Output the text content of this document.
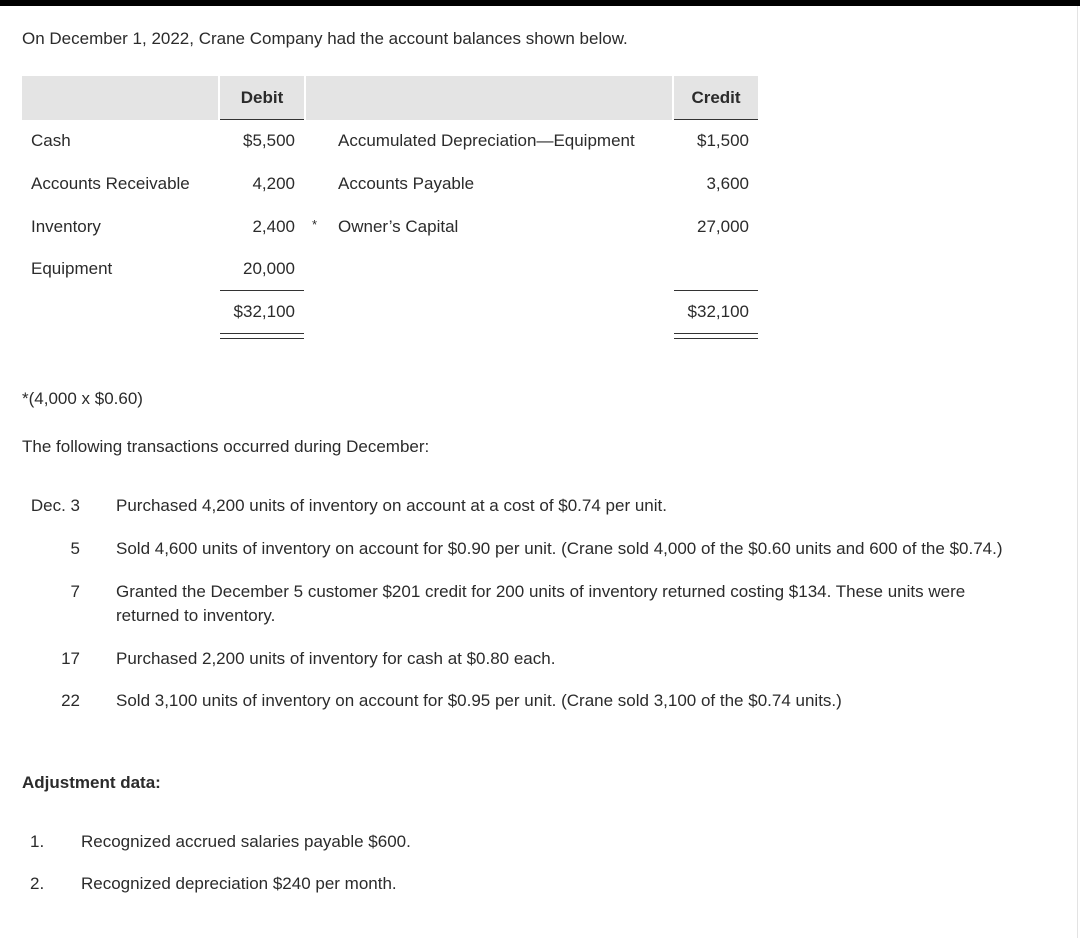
On December 1, 2022, Crane Company had the account balances shown below.
Debit	Credit
Cash	$5,500	Accumulated Depreciation—Equipment	$1,500
Accounts Receivable	4,200	Accounts Payable	3,600
Inventory	2,400 * Owner’s Capital	27,000
Equipment	20,000
$32,100	$32,100
*(4,000 x $0.60)
The following transactions occurred during December:
Dec. 3 Purchased 4,200 units of inventory on account at a cost of $0.74 per unit.
5 Sold 4,600 units of inventory on account for $0.90 per unit. (Crane sold 4,000 of the $0.60 units and 600 of the $0.74.)
7 Granted the December 5 customer $201 credit for 200 units of inventory returned costing $134. These units were returned to inventory.
17 Purchased 2,200 units of inventory for cash at $0.80 each.
22 Sold 3,100 units of inventory on account for $0.95 per unit. (Crane sold 3,100 of the $0.74 units.)
Adjustment data:
1. Recognized accrued salaries payable $600.
2. Recognized depreciation $240 per month.
